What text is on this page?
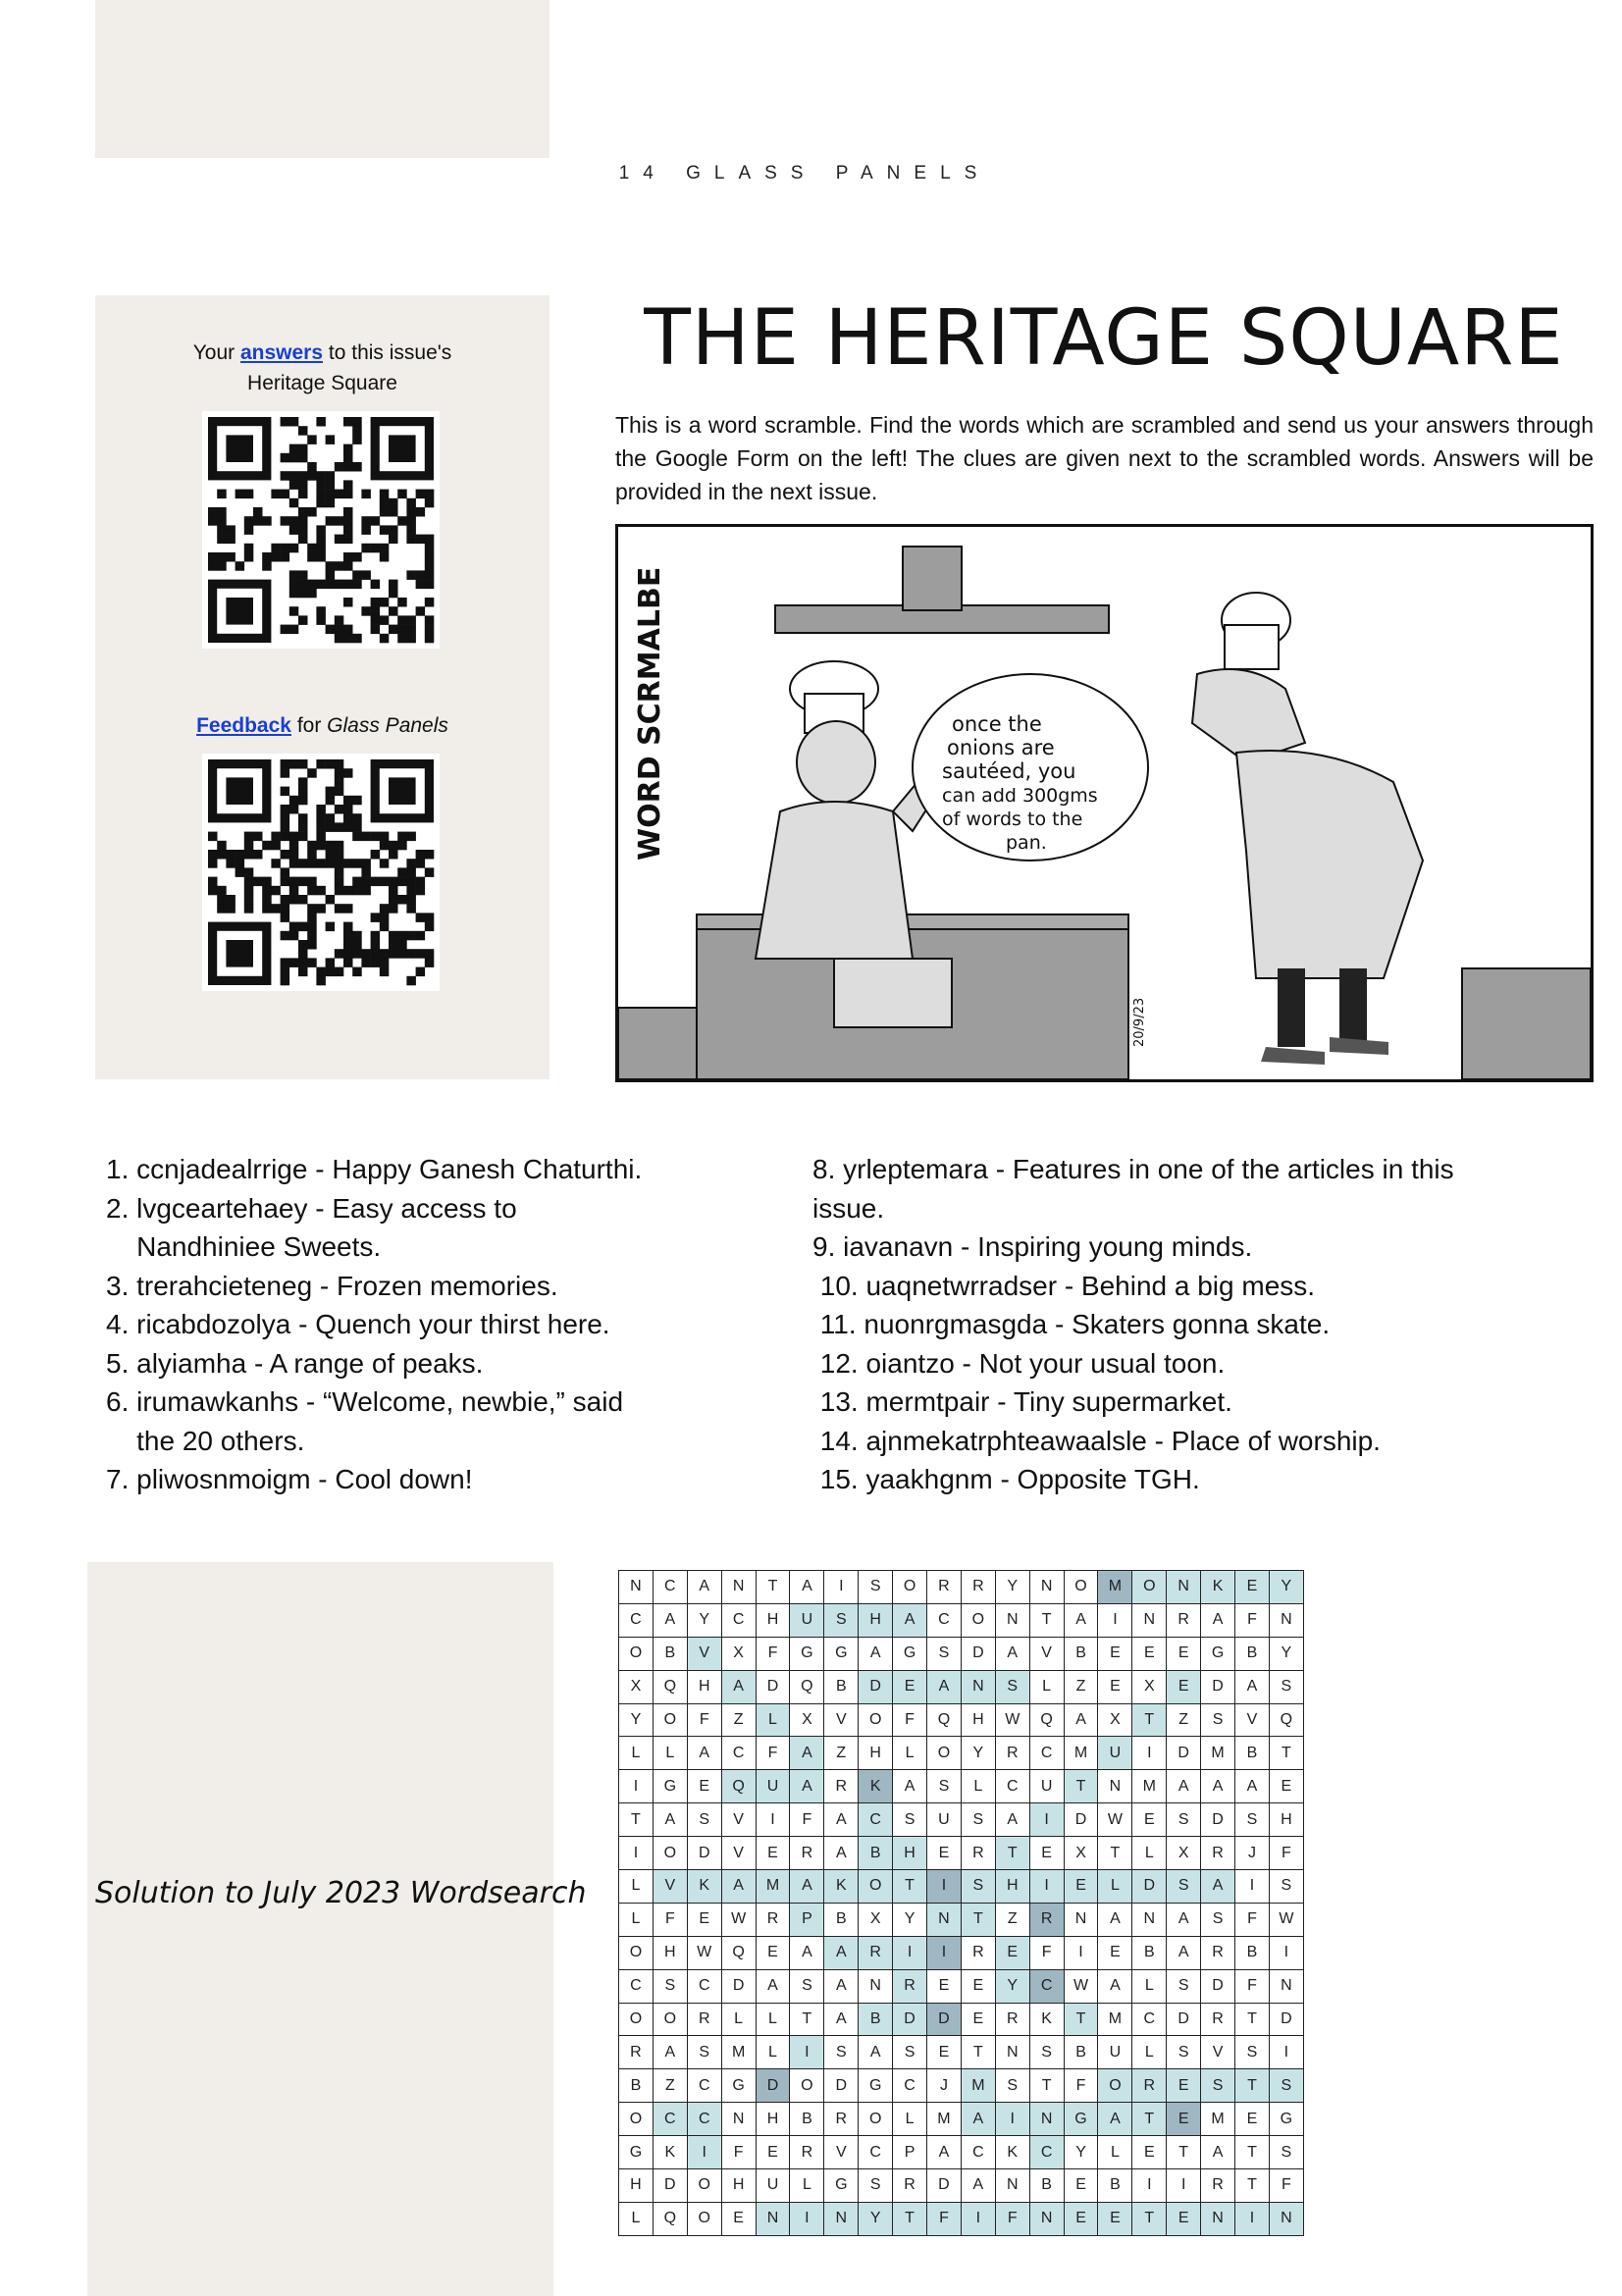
14 GLASS PANELS
Your answers to this issue's
Heritage Square
Feedback for Glass Panels
THE HERITAGE SQUARE
This is a word scramble. Find the words which are scrambled and send us your answers through the Google Form on the left! The clues are given next to the scrambled words. Answers will be provided in the next issue.
once the
onions are
sautéed, you
can add 300gms
of words to the
pan.
WORD SCRMALBE
20/9/23

1. ccnjadealrrige - Happy Ganesh Chaturthi.

2. lvgceartehaey - Easy access to

Nandhiniee Sweets.

3. trerahcieteneg - Frozen memories.

4. ricabdozolya - Quench your thirst here.

5. alyiamha - A range of peaks.

6. irumawkanhs - “Welcome, newbie,” said

the 20 others.

7. pliwosnmoigm - Cool down!

8. yrleptemara - Features in one of the articles in this

issue.

9. iavanavn - Inspiring young minds.

10. uaqnetwrradser - Behind a big mess.

11. nuonrgmasgda - Skaters gonna skate.

12. oiantzo - Not your usual toon.

13. mermtpair - Tiny supermarket.

14. ajnmekatrphteawaalsle - Place of worship.

15. yaakhgnm - Opposite TGH.

Solution to July 2023 Wordsearch
N	C	A	N	T	A	I	S	O	R	R	Y	N	O	M	O	N	K	E	Y
C	A	Y	C	H	U	S	H	A	C	O	N	T	A	I	N	R	A	F	N
O	B	V	X	F	G	G	A	G	S	D	A	V	B	E	E	E	G	B	Y
X	Q	H	A	D	Q	B	D	E	A	N	S	L	Z	E	X	E	D	A	S
Y	O	F	Z	L	X	V	O	F	Q	H	W	Q	A	X	T	Z	S	V	Q
L	L	A	C	F	A	Z	H	L	O	Y	R	C	M	U	I	D	M	B	T
I	G	E	Q	U	A	R	K	A	S	L	C	U	T	N	M	A	A	A	E
T	A	S	V	I	F	A	C	S	U	S	A	I	D	W	E	S	D	S	H
I	O	D	V	E	R	A	B	H	E	R	T	E	X	T	L	X	R	J	F
L	V	K	A	M	A	K	O	T	I	S	H	I	E	L	D	S	A	I	S
L	F	E	W	R	P	B	X	Y	N	T	Z	R	N	A	N	A	S	F	W
O	H	W	Q	E	A	A	R	I	I	R	E	F	I	E	B	A	R	B	I
C	S	C	D	A	S	A	N	R	E	E	Y	C	W	A	L	S	D	F	N
O	O	R	L	L	T	A	B	D	D	E	R	K	T	M	C	D	R	T	D
R	A	S	M	L	I	S	A	S	E	T	N	S	B	U	L	S	V	S	I
B	Z	C	G	D	O	D	G	C	J	M	S	T	F	O	R	E	S	T	S
O	C	C	N	H	B	R	O	L	M	A	I	N	G	A	T	E	M	E	G
G	K	I	F	E	R	V	C	P	A	C	K	C	Y	L	E	T	A	T	S
H	D	O	H	U	L	G	S	R	D	A	N	B	E	B	I	I	R	T	F
L	Q	O	E	N	I	N	Y	T	F	I	F	N	E	E	T	E	N	I	N
